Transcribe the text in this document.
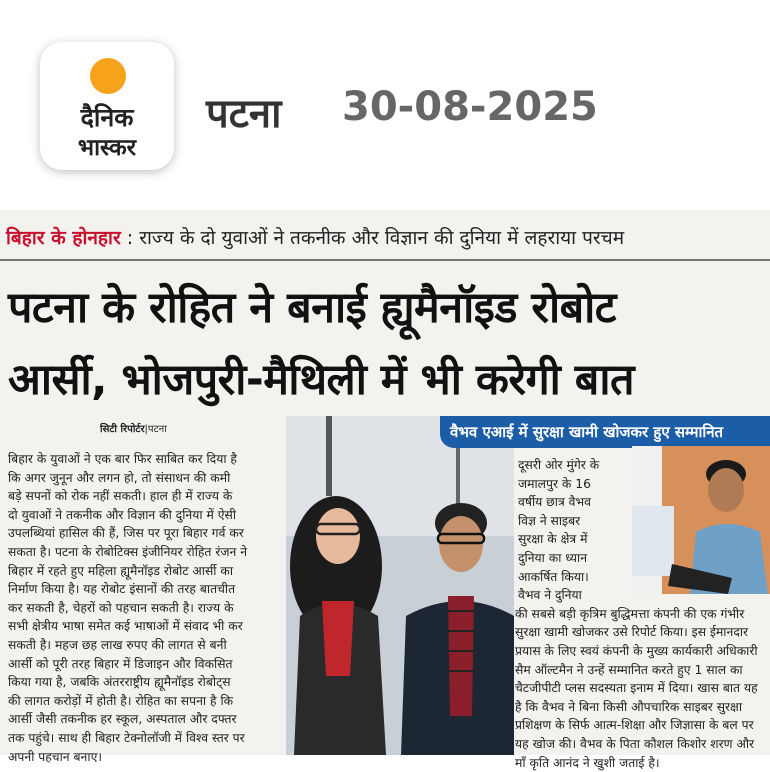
दैनिक
भास्कर
पटना 30-08-2025
बिहार के होनहार : राज्य के दो युवाओं ने तकनीक और विज्ञान की दुनिया में लहराया परचम
पटना के रोहित ने बनाई ह्यूमैनॉइड रोबोट
आर्सी, भोजपुरी-मैथिली में भी करेगी बात
सिटी रिपोर्टर|पटना
बिहार के युवाओं ने एक बार फिर साबित कर दिया है
कि अगर जुनून और लगन हो, तो संसाधन की कमी
बड़े सपनों को रोक नहीं सकती। हाल ही में राज्य के
दो युवाओं ने तकनीक और विज्ञान की दुनिया में ऐसी
उपलब्धियां हासिल की हैं, जिस पर पूरा बिहार गर्व कर
सकता है। पटना के रोबोटिक्स इंजीनियर रोहित रंजन ने
बिहार में रहते हुए महिला ह्यूमैनॉइड रोबोट आर्सी का
निर्माण किया है। यह रोबोट इंसानों की तरह बातचीत
कर सकती है, चेहरों को पहचान सकती है। राज्य के
सभी क्षेत्रीय भाषा समेत कई भाषाओं में संवाद भी कर
सकती है। महज छह लाख रुपए की लागत से बनी
आर्सी को पूरी तरह बिहार में डिजाइन और विकसित
किया गया है, जबकि अंतरराष्ट्रीय ह्यूमैनॉइड रोबोट्स
की लागत करोड़ों में होती है। रोहित का सपना है कि
आर्सी जैसी तकनीक हर स्कूल, अस्पताल और दफ्तर
तक पहुंचे। साथ ही बिहार टेक्नोलॉजी में विश्व स्तर पर
अपनी पहचान बनाए।
वैभव एआई में सुरक्षा खामी खोजकर हुए सम्मानित
दूसरी ओर मुंगेर के
जमालपुर के 16
वर्षीय छात्र वैभव
विज्ञ ने साइबर
सुरक्षा के क्षेत्र में
दुनिया का ध्यान
आकर्षित किया।
वैभव ने दुनिया
की सबसे बड़ी कृत्रिम बुद्धिमत्ता कंपनी की एक गंभीर
सुरक्षा खामी खोजकर उसे रिपोर्ट किया। इस ईमानदार
प्रयास के लिए स्वयं कंपनी के मुख्य कार्यकारी अधिकारी
सैम ऑल्टमैन ने उन्हें सम्मानित करते हुए 1 साल का
चैटजीपीटी प्लस सदस्यता इनाम में दिया। खास बात यह
है कि वैभव ने बिना किसी औपचारिक साइबर सुरक्षा
प्रशिक्षण के सिर्फ आत्म-शिक्षा और जिज्ञासा के बल पर
यह खोज की। वैभव के पिता कौशल किशोर शरण और
माँ कृति आनंद ने खुशी जताई है।
